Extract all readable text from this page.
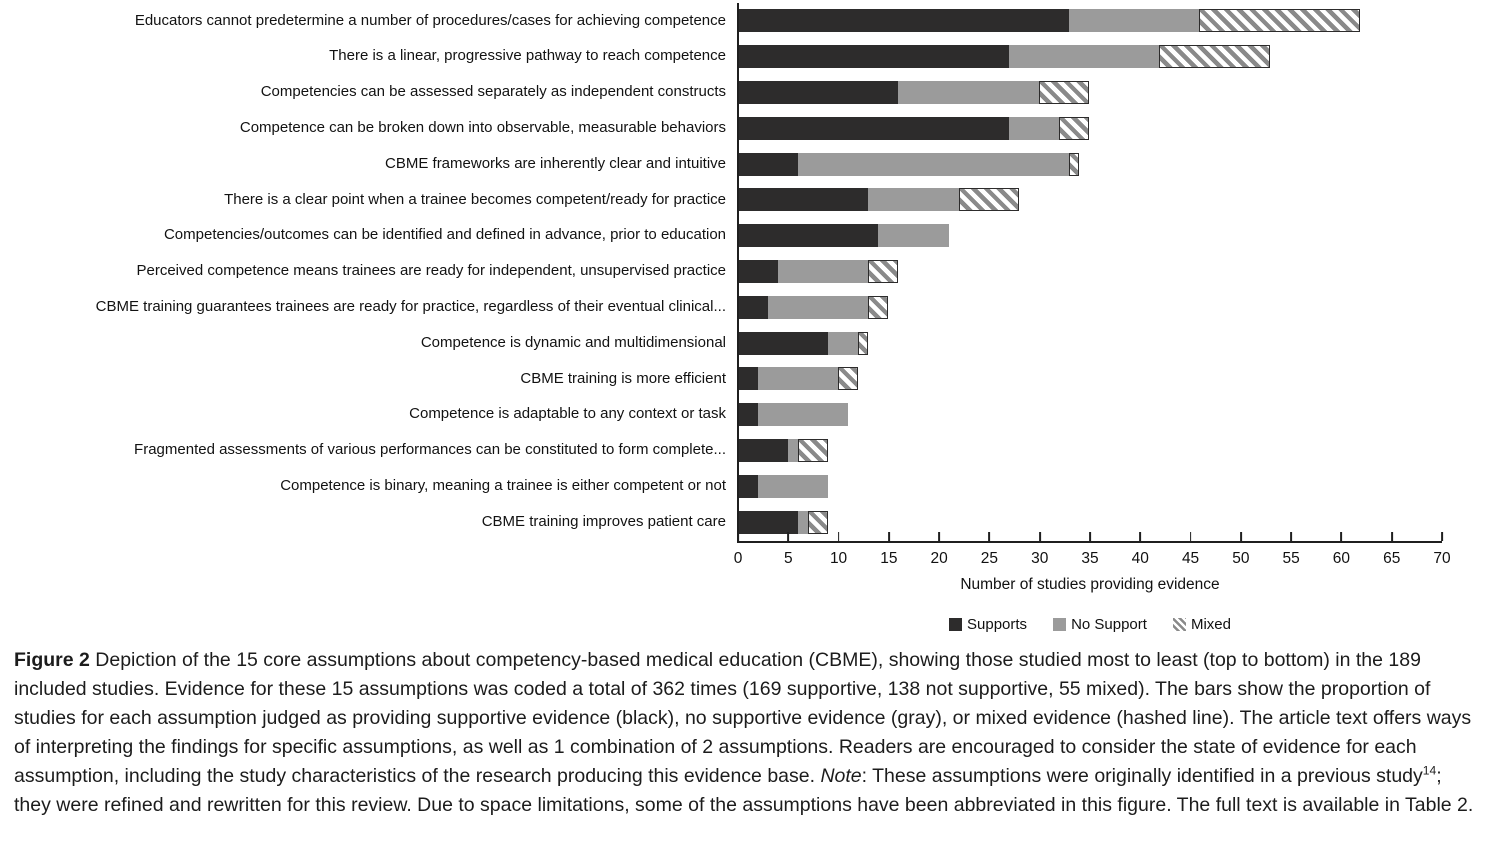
Educators cannot predetermine a number of procedures/cases for achieving competence
There is a linear, progressive pathway to reach competence
Competencies can be assessed separately as independent constructs
Competence can be broken down into observable, measurable behaviors
CBME frameworks are inherently clear and intuitive
There is a clear point when a trainee becomes competent/ready for practice
Competencies/outcomes can be identified and defined in advance, prior to education
Perceived competence means trainees are ready for independent, unsupervised practice
CBME training guarantees trainees are ready for practice, regardless of their eventual clinical...
Competence is dynamic and multidimensional
CBME training is more efficient
Competence is adaptable to any context or task
Fragmented assessments of various performances can be constituted to form complete...
Competence is binary, meaning a trainee is either competent or not
CBME training improves patient care
0	5 10 15 20 25 30 35 40 45 50 55 60 65 70
Number of studies providing evidence
Supports	No Support	Mixed

Figure 2 Depiction of the 15 core assumptions about competency-based medical education (CBME), showing those studied most to least (top to bottom) in the 189 included studies. Evidence for these 15 assumptions was coded a total of 362 times (169 supportive, 138 not supportive, 55 mixed). The bars show the proportion of studies for each assumption judged as providing supportive evidence (black), no supportive evidence (gray), or mixed evidence (hashed line). The article text offers ways of interpreting the findings for specific assumptions, as well as 1 combination of 2 assumptions. Readers are encouraged to consider the state of evidence for each assumption, including the study characteristics of the research producing this evidence base. Note: These assumptions were originally identified in a previous study$^{14}$; they were refined and rewritten for this review. Due to space limitations, some of the assumptions have been abbreviated in this figure. The full text is available in Table 2.
